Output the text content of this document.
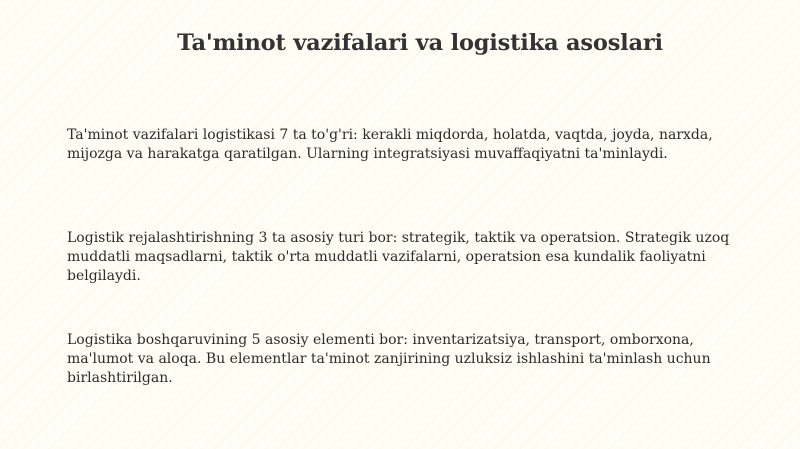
Ta'minot vazifalari va logistika asoslari

Ta'minot vazifalari logistikasi 7 ta to'g'ri: kerakli miqdorda, holatda, vaqtda, joyda, narxda, mijozga va harakatga qaratilgan. Ularning integratsiyasi muvaffaqiyatni ta'minlaydi.

Logistik rejalashtirishning 3 ta asosiy turi bor: strategik, taktik va operatsion. Strategik uzoq muddatli maqsadlarni, taktik o'rta muddatli vazifalarni, operatsion esa kundalik faoliyatni belgilaydi.

Logistika boshqaruvining 5 asosiy elementi bor: inventarizatsiya, transport, omborxona, ma'lumot va aloqa. Bu elementlar ta'minot zanjirining uzluksiz ishlashini ta'minlash uchun birlashtirilgan.
